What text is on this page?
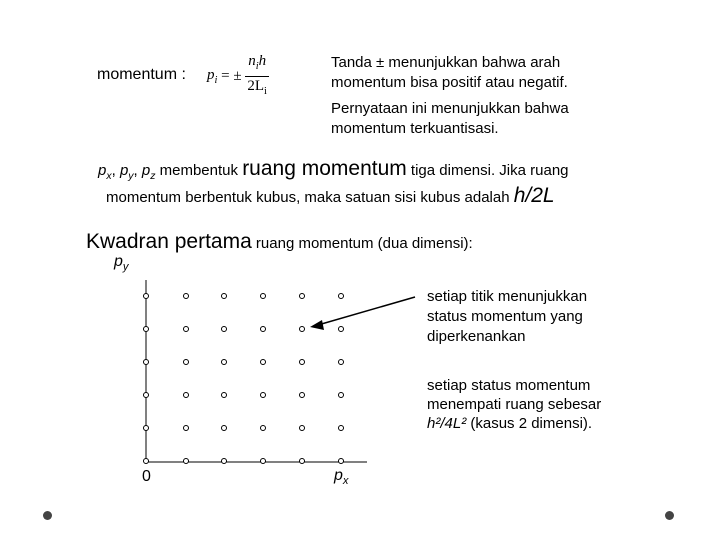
momentum : $p_i$ = ± $\frac{n_ih}{2L_i}$	Tanda ± menunjukkan bahwa arah momentum bisa positif atau negatif.
Pernyataan ini menunjukkan bahwa momentum terkuantisasi.
$p_x$, $p_y$, $p_z$ membentuk ruang momentum tiga dimensi. Jika ruang
momentum berbentuk kubus, maka satuan sisi kubus adalah h/2L
Kwadran pertama ruang momentum (dua dimensi):
$p_y$
0	$p_x$
setiap titik menunjukkan status momentum yang diperkenankan
setiap status momentum menempati ruang sebesar h²/4L² (kasus 2 dimensi).
